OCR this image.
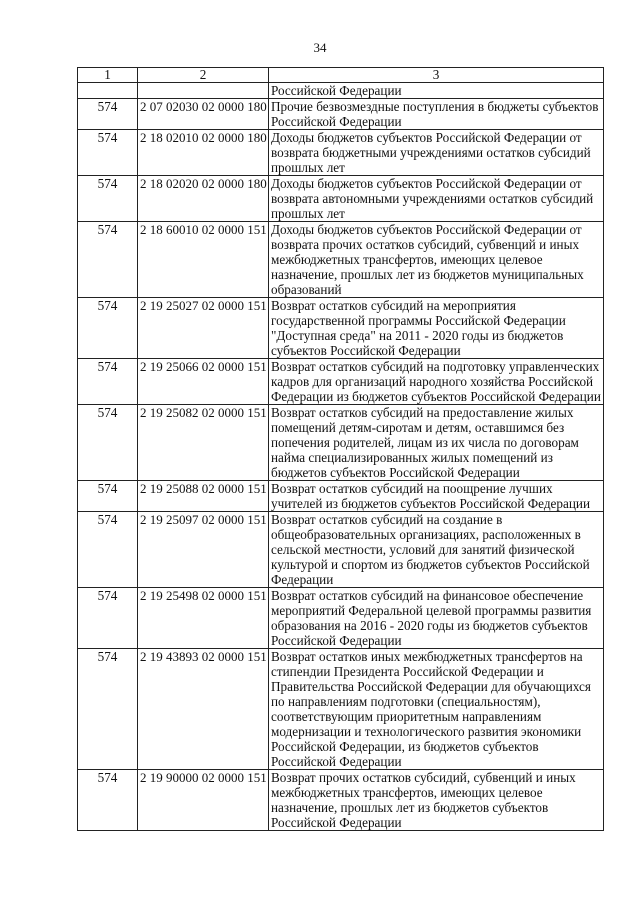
34
1	2	3
		Российской Федерации
574	2 07 02030 02 0000 180	Прочие безвозмездные поступления в бюджеты субъектов Российской Федерации
574	2 18 02010 02 0000 180	Доходы бюджетов субъектов Российской Федерации от возврата бюджетными учреждениями остатков субсидий прошлых лет
574	2 18 02020 02 0000 180	Доходы бюджетов субъектов Российской Федерации от возврата автономными учреждениями остатков субсидий прошлых лет
574	2 18 60010 02 0000 151	Доходы бюджетов субъектов Российской Федерации от возврата прочих остатков субсидий, субвенций и иных межбюджетных трансфертов, имеющих целевое назначение, прошлых лет из бюджетов муниципальных образований
574	2 19 25027 02 0000 151	Возврат остатков субсидий на мероприятия государственной программы Российской Федерации "Доступная среда" на 2011 - 2020 годы из бюджетов субъектов Российской Федерации
574	2 19 25066 02 0000 151	Возврат остатков субсидий на подготовку управленческих кадров для организаций народного хозяйства Российской Федерации из бюджетов субъектов Российской Федерации
574	2 19 25082 02 0000 151	Возврат остатков субсидий на предоставление жилых помещений детям-сиротам и детям, оставшимся без попечения родителей, лицам из их числа по договорам найма специализированных жилых помещений из бюджетов субъектов Российской Федерации
574	2 19 25088 02 0000 151	Возврат остатков субсидий на поощрение лучших учителей из бюджетов субъектов Российской Федерации
574	2 19 25097 02 0000 151	Возврат остатков субсидий на создание в общеобразовательных организациях, расположенных в сельской местности, условий для занятий физической культурой и спортом из бюджетов субъектов Российской Федерации
574	2 19 25498 02 0000 151	Возврат остатков субсидий на финансовое обеспечение мероприятий Федеральной целевой программы развития образования на 2016 - 2020 годы из бюджетов субъектов Российской Федерации
574	2 19 43893 02 0000 151	Возврат остатков иных межбюджетных трансфертов на стипендии Президента Российской Федерации и Правительства Российской Федерации для обучающихся по направлениям подготовки (специальностям), соответствующим приоритетным направлениям модернизации и технологического развития экономики Российской Федерации, из бюджетов субъектов Российской Федерации
574	2 19 90000 02 0000 151	Возврат прочих остатков субсидий, субвенций и иных межбюджетных трансфертов, имеющих целевое назначение, прошлых лет из бюджетов субъектов Российской Федерации
